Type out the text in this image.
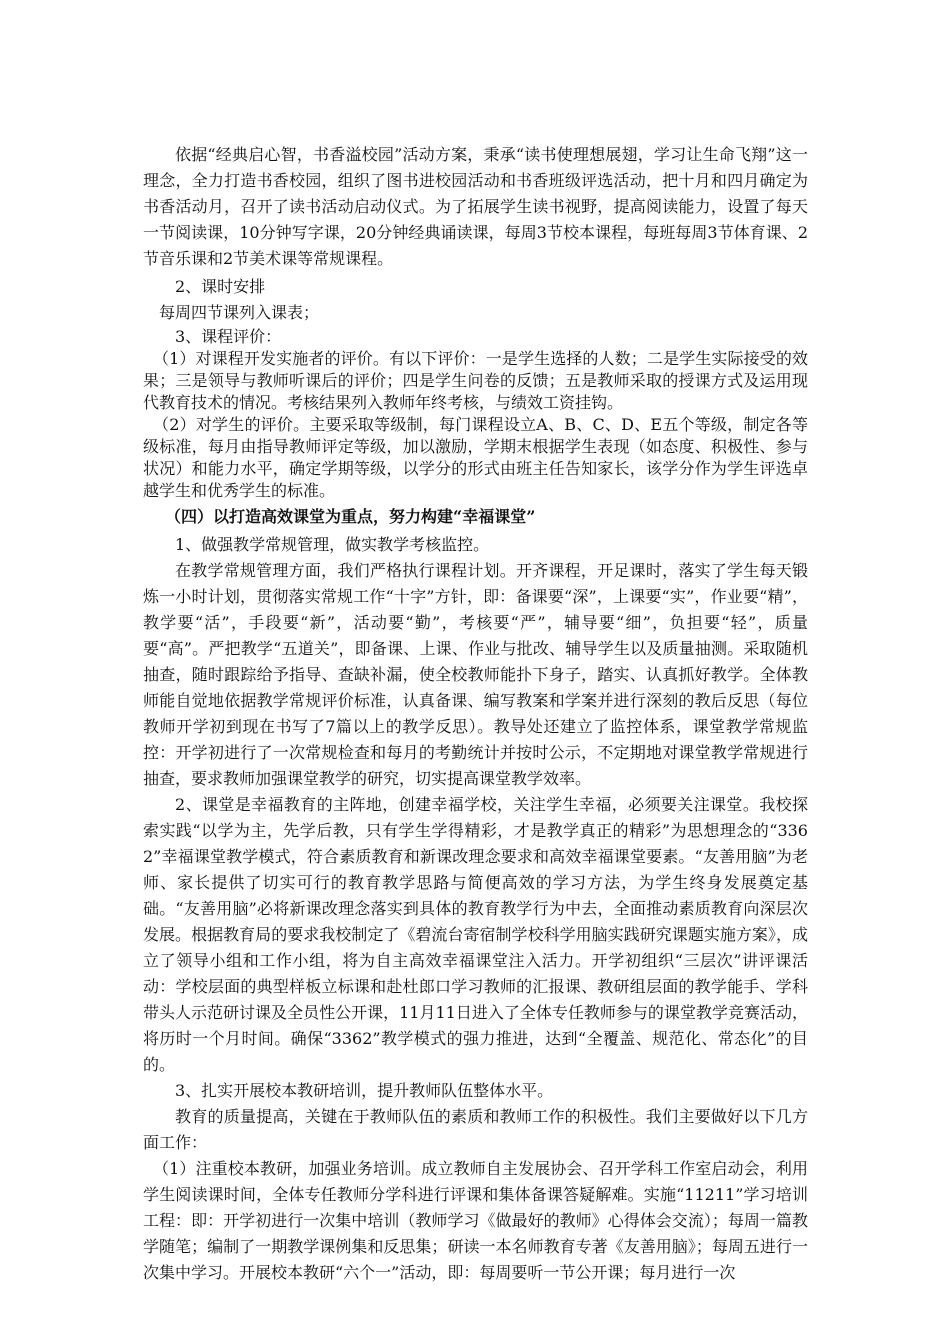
依据“经典启心智，书香溢校园”活动方案，秉承“读书使理想展翅，学习让生命飞翔”这一理念，全力打造书香校园，组织了图书进校园活动和书香班级评选活动，把十月和四月确定为书香活动月，召开了读书活动启动仪式。为了拓展学生读书视野，提高阅读能力，设置了每天一节阅读课，10分钟写字课，20分钟经典诵读课，每周3节校本课程，每班每周3节体育课、2节音乐课和2节美术课等常规课程。

2、课时安排

每周四节课列入课表；

3、课程评价：

（1）对课程开发实施者的评价。有以下评价：一是学生选择的人数；二是学生实际接受的效果；三是领导与教师听课后的评价；四是学生问卷的反馈；五是教师采取的授课方式及运用现代教育技术的情况。考核结果列入教师年终考核，与绩效工资挂钩。

（2）对学生的评价。主要采取等级制，每门课程设立A、B、C、D、E五个等级，制定各等级标准，每月由指导教师评定等级，加以激励，学期末根据学生表现（如态度、积极性、参与状况）和能力水平，确定学期等级，以学分的形式由班主任告知家长，该学分作为学生评选卓越学生和优秀学生的标准。

（四）以打造高效课堂为重点，努力构建“幸福课堂”

1、做强教学常规管理，做实教学考核监控。

在教学常规管理方面，我们严格执行课程计划。开齐课程，开足课时，落实了学生每天锻炼一小时计划，贯彻落实常规工作“十字”方针，即：备课要“深”，上课要“实”，作业要“精”，教学要“活”，手段要“新”，活动要“勤”，考核要“严”，辅导要“细”，负担要“轻”，质量要“高”。严把教学“五道关”，即备课、上课、作业与批改、辅导学生以及质量抽测。采取随机抽查，随时跟踪给予指导、查缺补漏，使全校教师能扑下身子，踏实、认真抓好教学。全体教师能自觉地依据教学常规评价标准，认真备课、编写教案和学案并进行深刻的教后反思（每位教师开学初到现在书写了7篇以上的教学反思）。教导处还建立了监控体系，课堂教学常规监控：开学初进行了一次常规检查和每月的考勤统计并按时公示，不定期地对课堂教学常规进行抽查，要求教师加强课堂教学的研究，切实提高课堂教学效率。

2、课堂是幸福教育的主阵地，创建幸福学校，关注学生幸福，必须要关注课堂。我校探索实践“以学为主，先学后教，只有学生学得精彩，才是教学真正的精彩”为思想理念的“3362”幸福课堂教学模式，符合素质教育和新课改理念要求和高效幸福课堂要素。“友善用脑”为老师、家长提供了切实可行的教育教学思路与简便高效的学习方法，为学生终身发展奠定基础。“友善用脑”必将新课改理念落实到具体的教育教学行为中去，全面推动素质教育向深层次发展。根据教育局的要求我校制定了《碧流台寄宿制学校科学用脑实践研究课题实施方案》，成立了领导小组和工作小组，将为自主高效幸福课堂注入活力。开学初组织“三层次”讲评课活动：学校层面的典型样板立标课和赴杜郎口学习教师的汇报课、教研组层面的教学能手、学科带头人示范研讨课及全员性公开课，11月11日进入了全体专任教师参与的课堂教学竞赛活动，将历时一个月时间。确保“3362”教学模式的强力推进，达到“全覆盖、规范化、常态化”的目的。

3、扎实开展校本教研培训，提升教师队伍整体水平。

教育的质量提高，关键在于教师队伍的素质和教师工作的积极性。我们主要做好以下几方面工作：

（1）注重校本教研，加强业务培训。成立教师自主发展协会、召开学科工作室启动会，利用学生阅读课时间，全体专任教师分学科进行评课和集体备课答疑解难。实施“11211”学习培训工程：即：开学初进行一次集中培训（教师学习《做最好的教师》心得体会交流）；每周一篇教学随笔；编制了一期教学课例集和反思集；研读一本名师教育专著《友善用脑》；每周五进行一次集中学习。开展校本教研“六个一”活动，即：每周要听一节公开课；每月进行一次
